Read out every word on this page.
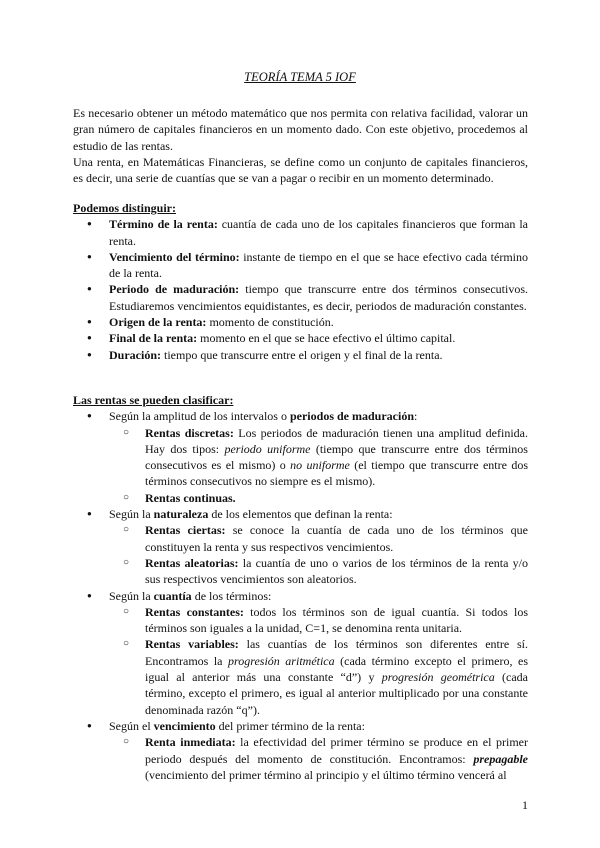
TEORÍA TEMA 5 IOF

Es necesario obtener un método matemático que nos permita con relativa facilidad, valorar un gran número de capitales financieros en un momento dado. Con este objetivo, procedemos al estudio de las rentas.

Una renta, en Matemáticas Financieras, se define como un conjunto de capitales financieros, es decir, una serie de cuantías que se van a pagar o recibir en un momento determinado.

Podemos distinguir:

● Término de la renta: cuantía de cada uno de los capitales financieros que forman la renta.
● Vencimiento del término: instante de tiempo en el que se hace efectivo cada término de la renta.
● Periodo de maduración: tiempo que transcurre entre dos términos consecutivos. Estudiaremos vencimientos equidistantes, es decir, periodos de maduración constantes.
● Origen de la renta: momento de constitución.
● Final de la renta: momento en el que se hace efectivo el último capital.
● Duración: tiempo que transcurre entre el origen y el final de la renta.

Las rentas se pueden clasificar:

● Según la amplitud de los intervalos o periodos de maduración:
○ Rentas discretas: Los periodos de maduración tienen una amplitud definida. Hay dos tipos: periodo uniforme (tiempo que transcurre entre dos términos consecutivos es el mismo) o no uniforme (el tiempo que transcurre entre dos términos consecutivos no siempre es el mismo).
○ Rentas continuas.
● Según la naturaleza de los elementos que definan la renta:
○ Rentas ciertas: se conoce la cuantía de cada uno de los términos que constituyen la renta y sus respectivos vencimientos.
○ Rentas aleatorias: la cuantía de uno o varios de los términos de la renta y/o sus respectivos vencimientos son aleatorios.
● Según la cuantía de los términos:
○ Rentas constantes: todos los términos son de igual cuantía. Si todos los términos son iguales a la unidad, C=1, se denomina renta unitaria.
○ Rentas variables: las cuantías de los términos son diferentes entre sí. Encontramos la progresión aritmética (cada término excepto el primero, es igual al anterior más una constante “d”) y progresión geométrica (cada término, excepto el primero, es igual al anterior multiplicado por una constante denominada razón “q”).
● Según el vencimiento del primer término de la renta:
○ Renta inmediata: la efectividad del primer término se produce en el primer periodo después del momento de constitución. Encontramos: prepagable (vencimiento del primer término al principio y el último término vencerá al
1
